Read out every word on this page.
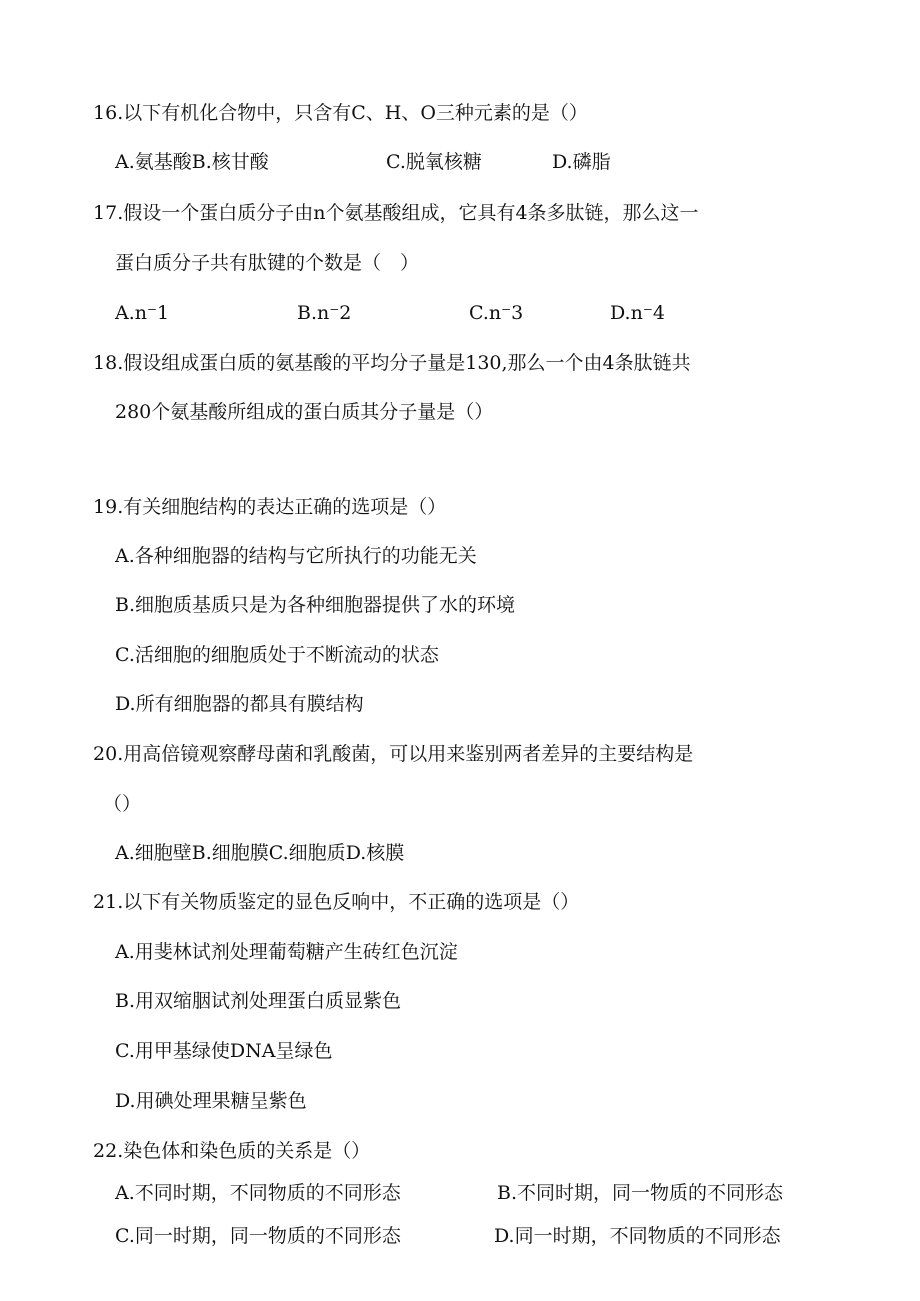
16.以下有机化合物中，只含有C、H、O三种元素的是（）
A.氨基酸B.核甘酸	C.脱氧核糖	D.磷脂
17.假设一个蛋白质分子由n个氨基酸组成，它具有4条多肽链，那么这一
蛋白质分子共有肽键的个数是（　）
A.n⁻1	B.n⁻2	C.n⁻3	D.n⁻4
18.假设组成蛋白质的氨基酸的平均分子量是130,那么一个由4条肽链共
280个氨基酸所组成的蛋白质其分子量是（）
19.有关细胞结构的表达正确的选项是（）
A.各种细胞器的结构与它所执行的功能无关
B.细胞质基质只是为各种细胞器提供了水的环境
C.活细胞的细胞质处于不断流动的状态
D.所有细胞器的都具有膜结构
20.用高倍镜观察酵母菌和乳酸菌，可以用来鉴别两者差异的主要结构是
（）
A.细胞壁B.细胞膜C.细胞质D.核膜
21.以下有关物质鉴定的显色反响中，不正确的选项是（）
A.用斐林试剂处理葡萄糖产生砖红色沉淀
B.用双缩胭试剂处理蛋白质显紫色
C.用甲基绿使DNA呈绿色
D.用碘处理果糖呈紫色
22.染色体和染色质的关系是（）
A.不同时期，不同物质的不同形态	B.不同时期，同一物质的不同形态
C.同一时期，同一物质的不同形态	D.同一时期，不同物质的不同形态
